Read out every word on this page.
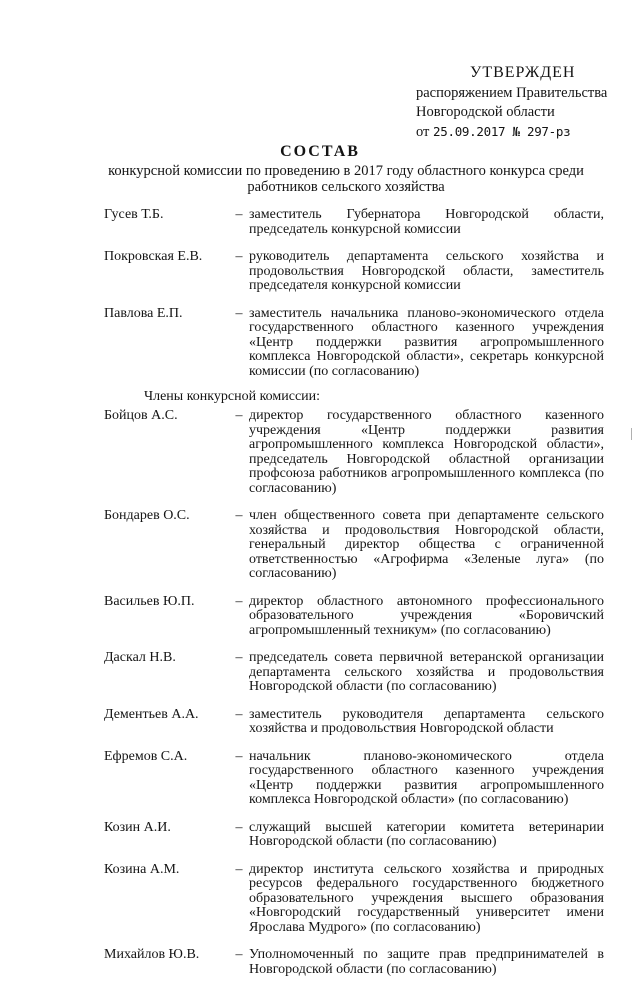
УТВЕРЖДЕН
распоряжением Правительства
Новгородской области
от 25.09.2017 № 297-рз
СОСТАВ
конкурсной комиссии по проведению в 2017 году областного конкурса среди работников сельского хозяйства
Гусев Т.Б.	– заместитель Губернатора Новгородской области, председатель конкурсной комиссии
Покровская Е.В.	– руководитель департамента сельского хозяйства и продовольствия Новгородской области, заместитель председателя конкурсной комиссии
Павлова Е.П.	– заместитель начальника планово-экономического отдела государственного областного казенного учреждения «Центр поддержки развития агропромышленного комплекса Новгородской области», секретарь конкурсной комиссии (по согласованию)
Члены конкурсной комиссии:
Бойцов А.С.	– директор государственного областного казенного учреждения «Центр поддержки развития агропромышленного комплекса Новгородской области», председатель Новгородской областной организации профсоюза работников агропромышленного комплекса (по согласованию)
Бондарев О.С.	– член общественного совета при департаменте сельского хозяйства и продовольствия Новгородской области, генеральный директор общества с ограниченной ответственностью «Агрофирма «Зеленые луга» (по согласованию)
Васильев Ю.П.	– директор областного автономного профессионального образовательного учреждения «Боровичский агропромышленный техникум» (по согласованию)
Даскал Н.В.	– председатель совета первичной ветеранской организации департамента сельского хозяйства и продовольствия Новгородской области (по согласованию)
Дементьев А.А.	– заместитель руководителя департамента сельского хозяйства и продовольствия Новгородской области
Ефремов С.А.	– начальник планово-экономического отдела государственного областного казенного учреждения «Центр поддержки развития агропромышленного комплекса Новгородской области» (по согласованию)
Козин А.И.	– служащий высшей категории комитета ветеринарии Новгородской области (по согласованию)
Козина А.М.	– директор института сельского хозяйства и природных ресурсов федерального государственного бюджетного образовательного учреждения высшего образования «Новгородский государственный университет имени Ярослава Мудрого» (по согласованию)
Михайлов Ю.В.	– Уполномоченный по защите прав предпринимателей в Новгородской области (по согласованию)
